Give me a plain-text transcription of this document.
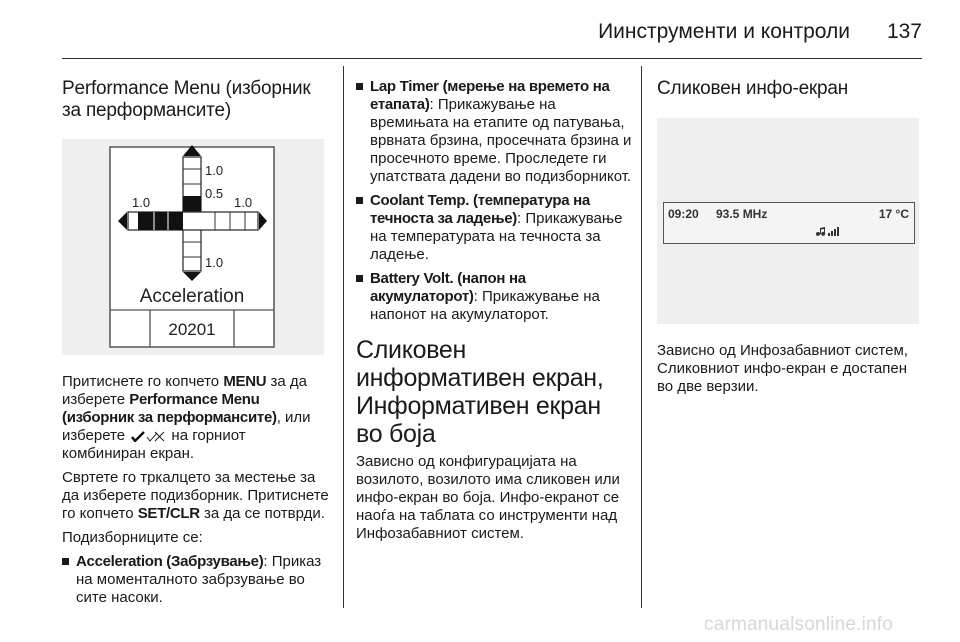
Иинструменти и контроли 137
Performance Menu (изборник за перформансите)
1.0
0.5
1.0	1.0
1.0
G
Acceleration
20201

Притиснете го копчето MENU за да изберете Performance Menu (изборник за перформансите), или изберете	на горниот комбиниран екран.

Свртете го тркалцето за местење за да изберете подизборник. Притиснете го копчето SET/CLR за да се потврди.

Подизборниците се:

Acceleration (Забрзување): Приказ на моменталното забрзување во сите насоки.
Lap Timer (мерење на времето на етапата): Прикажување на времињата на етапите од патувања, врвната брзина, просечната брзина и просечното време. Проследете ги упатствата дадени во подизборникот.
Coolant Temp. (температура на течноста за ладење): Прикажување на температурата на течноста за ладење.
Battery Volt. (напон на акумулаторот): Прикажување на напонот на акумулаторот.
Сликовен информативен екран, Информативен екран во боја

Зависно од конфигурацијата на возилото, возилото има сликовен или инфо-екран во боја. Инфо-екранот се наоѓа на таблата со инструменти над Инфозабавниот систем.

Сликовен инфо-екран
09:20 93.5 MHz	17 °C

Зависно од Инфозабавниот систем, Сликовниот инфо-екран е достапен во две верзии.

carmanualsonline.info
